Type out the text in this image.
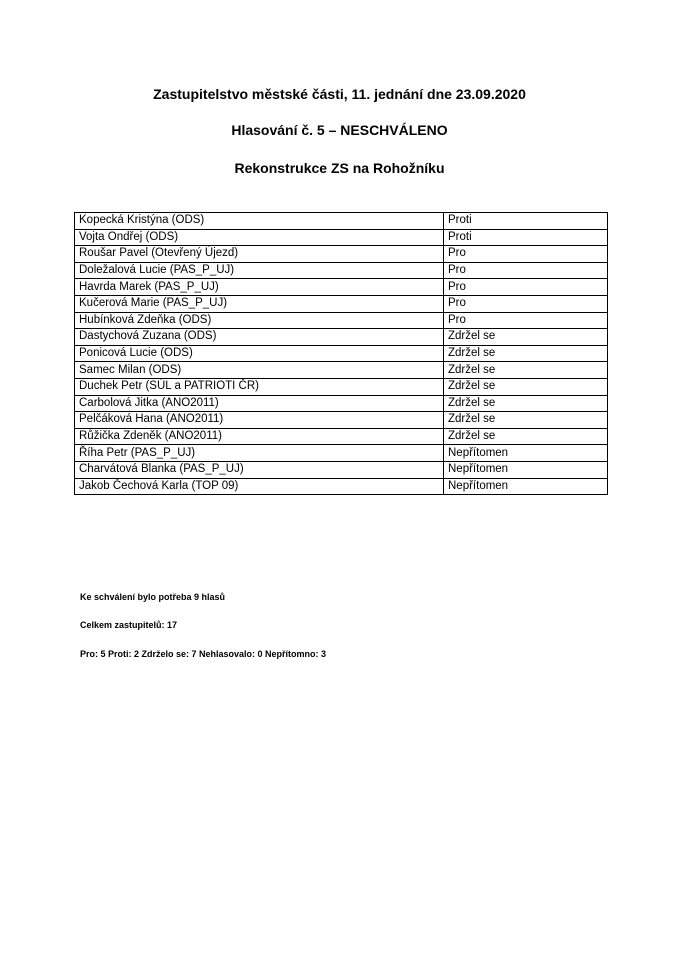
Zastupitelstvo městské části, 11. jednání dne 23.09.2020

Hlasování č. 5 – NESCHVÁLENO

Rekonstrukce ZS na Rohožníku

Kopecká Kristýna (ODS)	Proti
Vojta Ondřej (ODS)	Proti
Roušar Pavel (Otevřený Újezd)	Pro
Doležalová Lucie (PAS_P_UJ)	Pro
Havrda Marek (PAS_P_UJ)	Pro
Kučerová Marie (PAS_P_UJ)	Pro
Hubínková Zdeňka (ODS)	Pro
Dastychová Zuzana (ODS)	Zdržel se
Ponicová Lucie (ODS)	Zdržel se
Samec Milan (ODS)	Zdržel se
Duchek Petr (SÚL a PATRIOTI ČR)	Zdržel se
Carbolová Jitka (ANO2011)	Zdržel se
Pelčáková Hana (ANO2011)	Zdržel se
Růžička Zdeněk (ANO2011)	Zdržel se
Říha Petr (PAS_P_UJ)	Nepřítomen
Charvátová Blanka (PAS_P_UJ)	Nepřítomen
Jakob Čechová Karla (TOP 09)	Nepřítomen

Ke schválení bylo potřeba 9 hlasů

Celkem zastupitelů: 17

Pro: 5 Proti: 2 Zdrželo se: 7 Nehlasovalo: 0 Nepřítomno: 3
